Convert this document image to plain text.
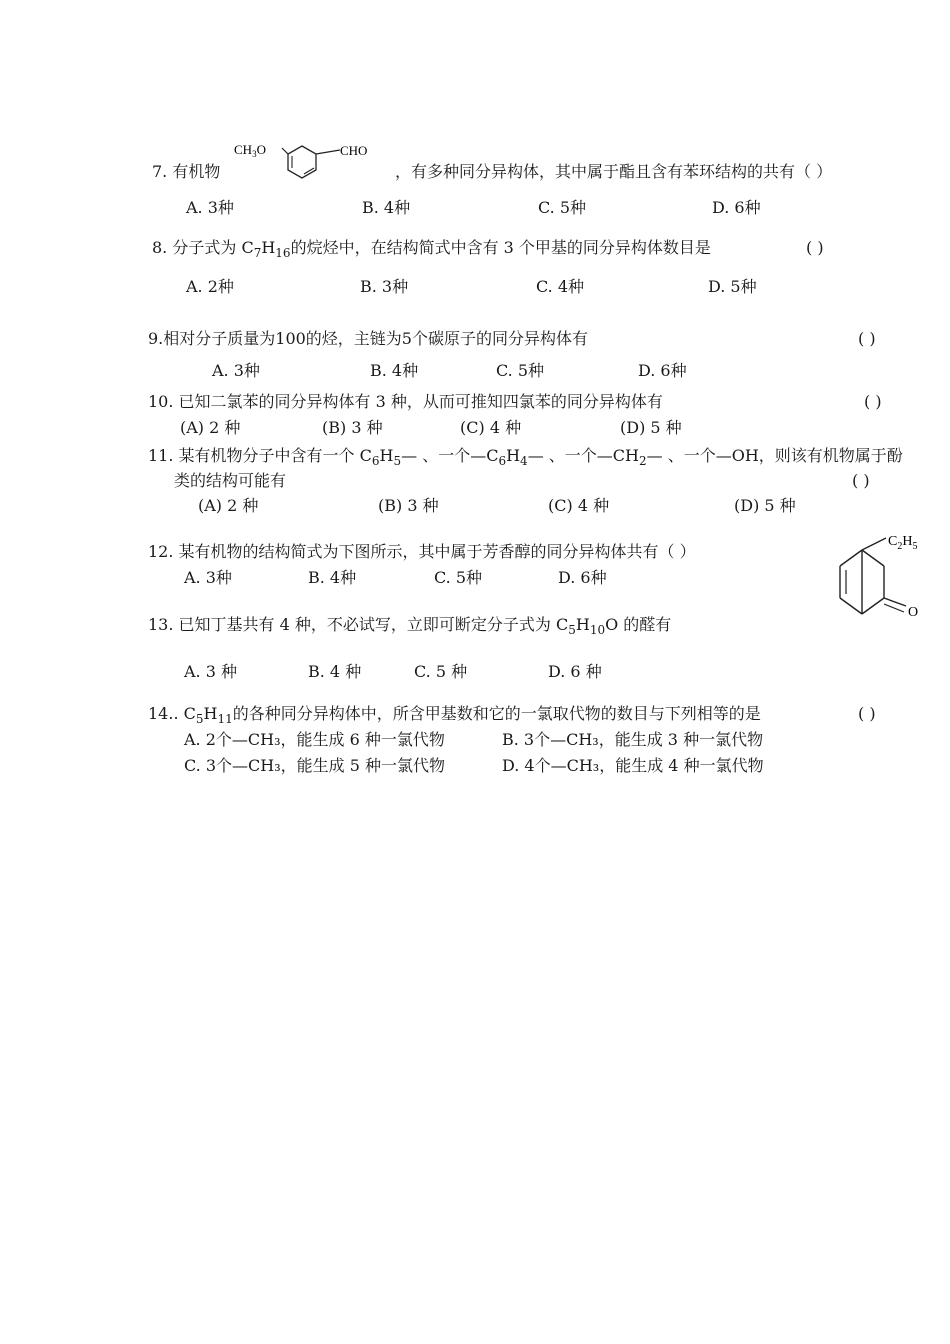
7. 有机物
$CH_3O$	CHO
，有多种同分异构体，其中属于酯且含有苯环结构的共有（ ）
A. 3种	B. 4种	C. 5种	D. 6种
8. 分子式为 $C_7H_{16}$的烷烃中，在结构简式中含有 3 个甲基的同分异构体数目是	( )
A. 2种	B. 3种	C. 4种	D. 5种
9.相对分子质量为100的烃，主链为5个碳原子的同分异构体有	( )
A. 3种	B. 4种	C. 5种	D. 6种
10. 已知二氯苯的同分异构体有 3 种，从而可推知四氯苯的同分异构体有	( )
(A) 2 种	(B) 3 种	(C) 4 种	(D) 5 种
11. 某有机物分子中含有一个 $C_6H_5—$ 、一个$—C_6H_4—$ 、一个$—CH_2—$ 、一个—OH，则该有机物属于酚
类的结构可能有	( )
(A) 2 种	(B) 3 种	(C) 4 种	(D) 5 种
12. 某有机物的结构简式为下图所示，其中属于芳香醇的同分异构体共有（ ）
A. 3种	B. 4种	C. 5种	D. 6种
$C_2H_5$
O
13. 已知丁基共有 4 种，不必试写，立即可断定分子式为 $C_5H_{10}O$ 的醛有
A. 3 种	B. 4 种	C. 5 种	D. 6 种
14.. $C_5H_{11}$的各种同分异构体中，所含甲基数和它的一氯取代物的数目与下列相等的是	( )
A. 2个—CH₃，能生成 6 种一氯代物	B. 3个—CH₃，能生成 3 种一氯代物
C. 3个—CH₃，能生成 5 种一氯代物	D. 4个—CH₃，能生成 4 种一氯代物
